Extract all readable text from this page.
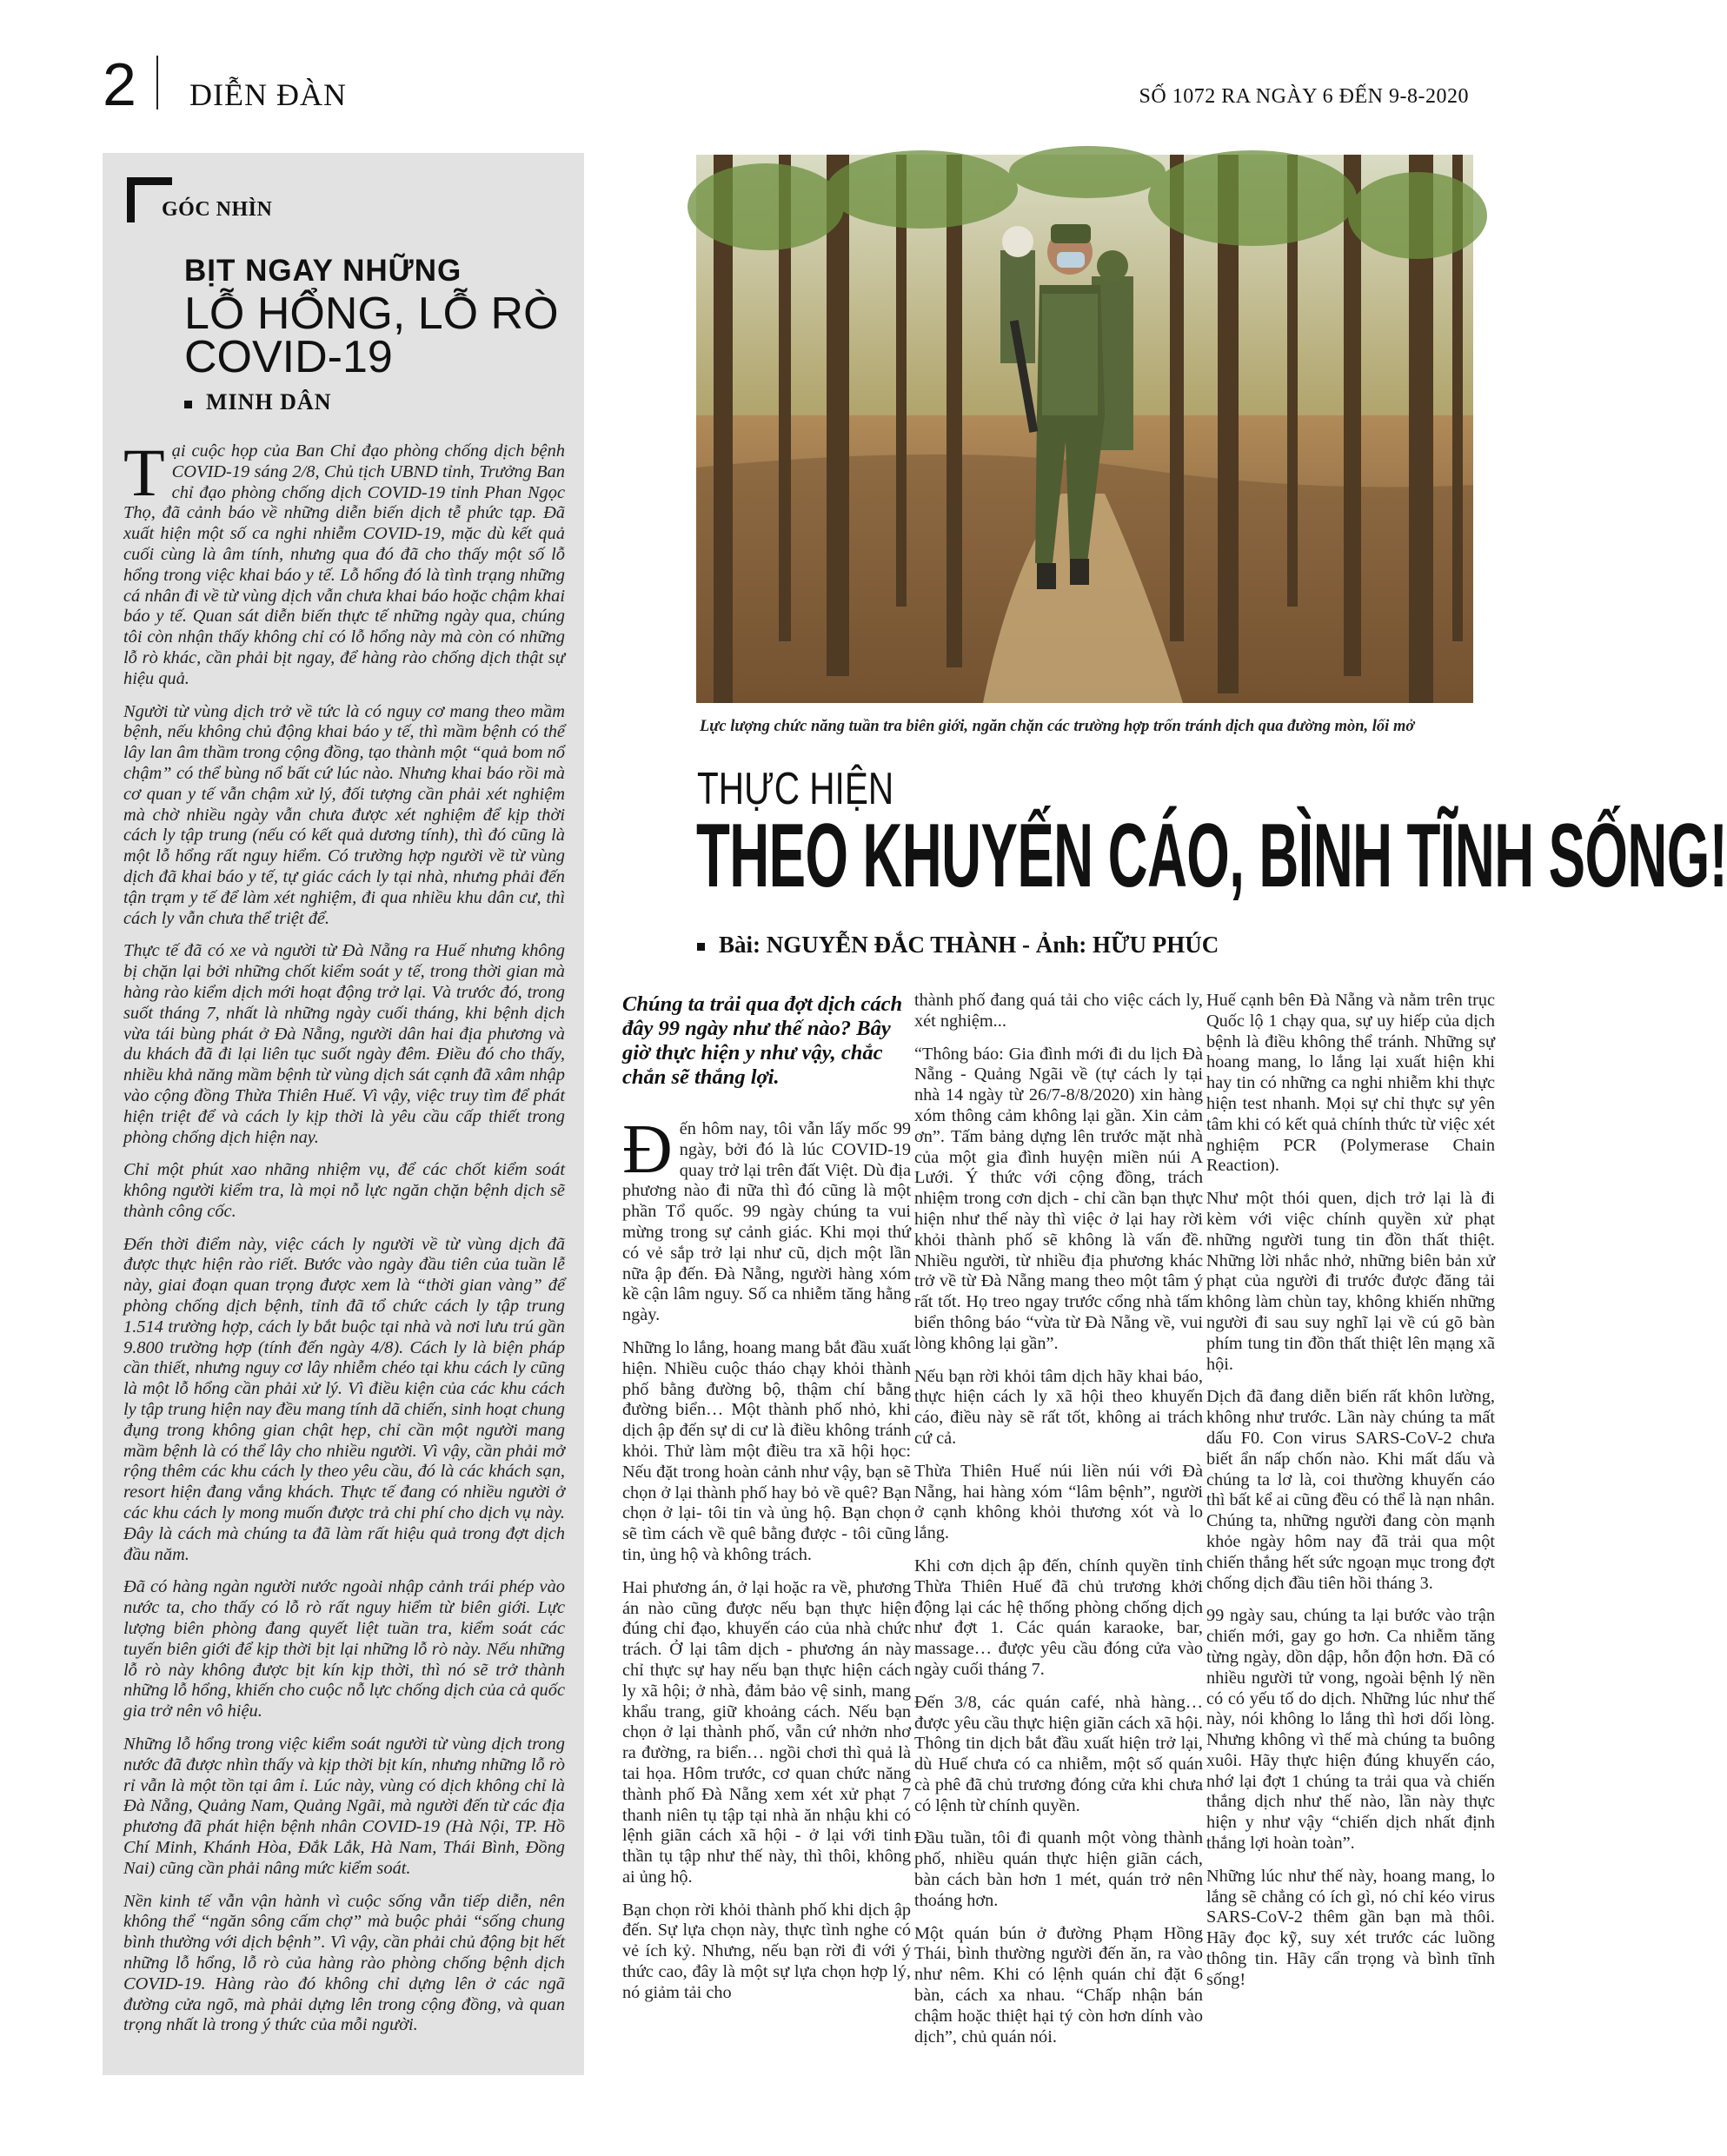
2 DIỄN ĐÀN	SỐ 1072 RA NGÀY 6 ĐẾN 9-8-2020
GÓC NHÌN
BỊT NGAY NHỮNG
LỖ HỔNG, LỖ RÒ COVID-19
MINH DÂN

Tại cuộc họp của Ban Chỉ đạo phòng chống dịch bệnh COVID-19 sáng 2/8, Chủ tịch UBND tỉnh, Trưởng Ban chỉ đạo phòng chống dịch COVID-19 tỉnh Phan Ngọc Thọ, đã cảnh báo về những diễn biến dịch tễ phức tạp. Đã xuất hiện một số ca nghi nhiễm COVID-19, mặc dù kết quả cuối cùng là âm tính, nhưng qua đó đã cho thấy một số lỗ hổng trong việc khai báo y tế. Lỗ hổng đó là tình trạng những cá nhân đi về từ vùng dịch vẫn chưa khai báo hoặc chậm khai báo y tế. Quan sát diễn biến thực tế những ngày qua, chúng tôi còn nhận thấy không chỉ có lỗ hổng này mà còn có những lỗ rò khác, cần phải bịt ngay, để hàng rào chống dịch thật sự hiệu quả.

Người từ vùng dịch trở về tức là có nguy cơ mang theo mầm bệnh, nếu không chủ động khai báo y tế, thì mầm bệnh có thể lây lan âm thầm trong cộng đồng, tạo thành một “quả bom nổ chậm” có thể bùng nổ bất cứ lúc nào. Nhưng khai báo rồi mà cơ quan y tế vẫn chậm xử lý, đối tượng cần phải xét nghiệm mà chờ nhiều ngày vẫn chưa được xét nghiệm để kịp thời cách ly tập trung (nếu có kết quả dương tính), thì đó cũng là một lỗ hổng rất nguy hiểm. Có trường hợp người về từ vùng dịch đã khai báo y tế, tự giác cách ly tại nhà, nhưng phải đến tận trạm y tế để làm xét nghiệm, đi qua nhiều khu dân cư, thì cách ly vẫn chưa thể triệt để.

Thực tế đã có xe và người từ Đà Nẵng ra Huế nhưng không bị chặn lại bởi những chốt kiểm soát y tế, trong thời gian mà hàng rào kiểm dịch mới hoạt động trở lại. Và trước đó, trong suốt tháng 7, nhất là những ngày cuối tháng, khi bệnh dịch vừa tái bùng phát ở Đà Nẵng, người dân hai địa phương và du khách đã đi lại liên tục suốt ngày đêm. Điều đó cho thấy, nhiều khả năng mầm bệnh từ vùng dịch sát cạnh đã xâm nhập vào cộng đồng Thừa Thiên Huế. Vì vậy, việc truy tìm để phát hiện triệt để và cách ly kịp thời là yêu cầu cấp thiết trong phòng chống dịch hiện nay.

Chỉ một phút xao nhãng nhiệm vụ, để các chốt kiểm soát không người kiểm tra, là mọi nỗ lực ngăn chặn bệnh dịch sẽ thành công cốc.

Đến thời điểm này, việc cách ly người về từ vùng dịch đã được thực hiện rào riết. Bước vào ngày đầu tiên của tuần lễ này, giai đoạn quan trọng được xem là “thời gian vàng” để phòng chống dịch bệnh, tỉnh đã tổ chức cách ly tập trung 1.514 trường hợp, cách ly bắt buộc tại nhà và nơi lưu trú gần 9.800 trường hợp (tính đến ngày 4/8). Cách ly là biện pháp cần thiết, nhưng nguy cơ lây nhiễm chéo tại khu cách ly cũng là một lỗ hổng cần phải xử lý. Vì điều kiện của các khu cách ly tập trung hiện nay đều mang tính dã chiến, sinh hoạt chung đụng trong không gian chật hẹp, chỉ cần một người mang mầm bệnh là có thể lây cho nhiều người. Vì vậy, cần phải mở rộng thêm các khu cách ly theo yêu cầu, đó là các khách sạn, resort hiện đang vắng khách. Thực tế đang có nhiều người ở các khu cách ly mong muốn được trả chi phí cho dịch vụ này. Đây là cách mà chúng ta đã làm rất hiệu quả trong đợt dịch đầu năm.

Đã có hàng ngàn người nước ngoài nhập cảnh trái phép vào nước ta, cho thấy có lỗ rò rất nguy hiểm từ biên giới. Lực lượng biên phòng đang quyết liệt tuần tra, kiểm soát các tuyến biên giới để kịp thời bịt lại những lỗ rò này. Nếu những lỗ rò này không được bịt kín kịp thời, thì nó sẽ trở thành những lỗ hổng, khiến cho cuộc nỗ lực chống dịch của cả quốc gia trở nên vô hiệu.

Những lỗ hổng trong việc kiểm soát người từ vùng dịch trong nước đã được nhìn thấy và kịp thời bịt kín, nhưng những lỗ rò rỉ vẫn là một tồn tại âm ỉ. Lúc này, vùng có dịch không chỉ là Đà Nẵng, Quảng Nam, Quảng Ngãi, mà người đến từ các địa phương đã phát hiện bệnh nhân COVID-19 (Hà Nội, TP. Hồ Chí Minh, Khánh Hòa, Đắk Lắk, Hà Nam, Thái Bình, Đồng Nai) cũng cần phải nâng mức kiểm soát.

Nền kinh tế vẫn vận hành vì cuộc sống vẫn tiếp diễn, nên không thể “ngăn sông cấm chợ” mà buộc phải “sống chung bình thường với dịch bệnh”. Vì vậy, cần phải chủ động bịt hết những lỗ hổng, lỗ rò của hàng rào phòng chống bệnh dịch COVID-19. Hàng rào đó không chỉ dựng lên ở các ngã đường cửa ngõ, mà phải dựng lên trong cộng đồng, và quan trọng nhất là trong ý thức của mỗi người.

Lực lượng chức năng tuần tra biên giới, ngăn chặn các trường hợp trốn tránh dịch qua đường mòn, lối mở
THỰC HIỆN
THEO KHUYẾN CÁO, BÌNH TĨNH SỐNG!
Bài: NGUYỄN ĐẮC THÀNH - Ảnh: HỮU PHÚC

Chúng ta trải qua đợt dịch cách đây 99 ngày như thế nào? Bây giờ thực hiện y như vậy, chắc chắn sẽ thắng lợi.

Đến hôm nay, tôi vẫn lấy mốc 99 ngày, bởi đó là lúc COVID-19 quay trở lại trên đất Việt. Dù địa phương nào đi nữa thì đó cũng là một phần Tổ quốc. 99 ngày chúng ta vui mừng trong sự cảnh giác. Khi mọi thứ có vẻ sắp trở lại như cũ, dịch một lần nữa ập đến. Đà Nẵng, người hàng xóm kề cận lâm nguy. Số ca nhiễm tăng hằng ngày.

Những lo lắng, hoang mang bắt đầu xuất hiện. Nhiều cuộc tháo chạy khỏi thành phố bằng đường bộ, thậm chí bằng đường biển… Một thành phố nhỏ, khi dịch ập đến sự di cư là điều không tránh khỏi. Thử làm một điều tra xã hội học: Nếu đặt trong hoàn cảnh như vậy, bạn sẽ chọn ở lại thành phố hay bỏ về quê? Bạn chọn ở lại- tôi tin và ủng hộ. Bạn chọn sẽ tìm cách về quê bằng được - tôi cũng tin, ủng hộ và không trách.

Hai phương án, ở lại hoặc ra về, phương án nào cũng được nếu bạn thực hiện đúng chỉ đạo, khuyến cáo của nhà chức trách. Ở lại tâm dịch - phương án này chỉ thực sự hay nếu bạn thực hiện cách ly xã hội; ở nhà, đảm bảo vệ sinh, mang khẩu trang, giữ khoảng cách. Nếu bạn chọn ở lại thành phố, vẫn cứ nhởn nhơ ra đường, ra biển… ngồi chơi thì quả là tai họa. Hôm trước, cơ quan chức năng thành phố Đà Nẵng xem xét xử phạt 7 thanh niên tụ tập tại nhà ăn nhậu khi có lệnh giãn cách xã hội - ở lại với tinh thần tụ tập như thế này, thì thôi, không ai ủng hộ.

Bạn chọn rời khỏi thành phố khi dịch ập đến. Sự lựa chọn này, thực tình nghe có vẻ ích kỷ. Nhưng, nếu bạn rời đi với ý thức cao, đây là một sự lựa chọn hợp lý, nó giảm tải cho

thành phố đang quá tải cho việc cách ly, xét nghiệm...

“Thông báo: Gia đình mới đi du lịch Đà Nẵng - Quảng Ngãi về (tự cách ly tại nhà 14 ngày từ 26/7-8/8/2020) xin hàng xóm thông cảm không lại gần. Xin cảm ơn”. Tấm bảng dựng lên trước mặt nhà của một gia đình huyện miền núi A Lưới. Ý thức với cộng đồng, trách nhiệm trong cơn dịch - chỉ cần bạn thực hiện như thế này thì việc ở lại hay rời khỏi thành phố sẽ không là vấn đề. Nhiều người, từ nhiều địa phương khác trở về từ Đà Nẵng mang theo một tâm ý rất tốt. Họ treo ngay trước cổng nhà tấm biển thông báo “vừa từ Đà Nẵng về, vui lòng không lại gần”.

Nếu bạn rời khỏi tâm dịch hãy khai báo, thực hiện cách ly xã hội theo khuyến cáo, điều này sẽ rất tốt, không ai trách cứ cả.

Thừa Thiên Huế núi liền núi với Đà Nẵng, hai hàng xóm “lâm bệnh”, người ở cạnh không khỏi thương xót và lo lắng.

Khi cơn dịch ập đến, chính quyền tỉnh Thừa Thiên Huế đã chủ trương khởi động lại các hệ thống phòng chống dịch như đợt 1. Các quán karaoke, bar, massage… được yêu cầu đóng cửa vào ngày cuối tháng 7.

Đến 3/8, các quán café, nhà hàng… được yêu cầu thực hiện giãn cách xã hội. Thông tin dịch bắt đầu xuất hiện trở lại, dù Huế chưa có ca nhiễm, một số quán cà phê đã chủ trương đóng cửa khi chưa có lệnh từ chính quyền.

Đầu tuần, tôi đi quanh một vòng thành phố, nhiều quán thực hiện giãn cách, bàn cách bàn hơn 1 mét, quán trở nên thoáng hơn.

Một quán bún ở đường Phạm Hồng Thái, bình thường người đến ăn, ra vào như nêm. Khi có lệnh quán chỉ đặt 6 bàn, cách xa nhau. “Chấp nhận bán chậm hoặc thiệt hại tý còn hơn dính vào dịch”, chủ quán nói.

Huế cạnh bên Đà Nẵng và nằm trên trục Quốc lộ 1 chạy qua, sự uy hiếp của dịch bệnh là điều không thể tránh. Những sự hoang mang, lo lắng lại xuất hiện khi hay tin có những ca nghi nhiễm khi thực hiện test nhanh. Mọi sự chỉ thực sự yên tâm khi có kết quả chính thức từ việc xét nghiệm PCR (Polymerase Chain Reaction).

Như một thói quen, dịch trở lại là đi kèm với việc chính quyền xử phạt những người tung tin đồn thất thiệt. Những lời nhắc nhở, những biên bản xử phạt của người đi trước được đăng tải không làm chùn tay, không khiến những người đi sau suy nghĩ lại về cú gõ bàn phím tung tin đồn thất thiệt lên mạng xã hội.

Dịch đã đang diễn biến rất khôn lường, không như trước. Lần này chúng ta mất dấu F0. Con virus SARS-CoV-2 chưa biết ẩn nấp chốn nào. Khi mất dấu và chúng ta lơ là, coi thường khuyến cáo thì bất kể ai cũng đều có thể là nạn nhân. Chúng ta, những người đang còn mạnh khỏe ngày hôm nay đã trải qua một chiến thắng hết sức ngoạn mục trong đợt chống dịch đầu tiên hồi tháng 3.

99 ngày sau, chúng ta lại bước vào trận chiến mới, gay go hơn. Ca nhiễm tăng từng ngày, dồn dập, hỗn độn hơn. Đã có nhiều người tử vong, ngoài bệnh lý nền có có yếu tố do dịch. Những lúc như thế này, nói không lo lắng thì hơi dối lòng. Nhưng không vì thế mà chúng ta buông xuôi. Hãy thực hiện đúng khuyến cáo, nhớ lại đợt 1 chúng ta trải qua và chiến thắng dịch như thế nào, lần này thực hiện y như vậy “chiến dịch nhất định thắng lợi hoàn toàn”.

Những lúc như thế này, hoang mang, lo lắng sẽ chẳng có ích gì, nó chỉ kéo virus SARS-CoV-2 thêm gần bạn mà thôi. Hãy đọc kỹ, suy xét trước các luồng thông tin. Hãy cẩn trọng và bình tĩnh sống!
